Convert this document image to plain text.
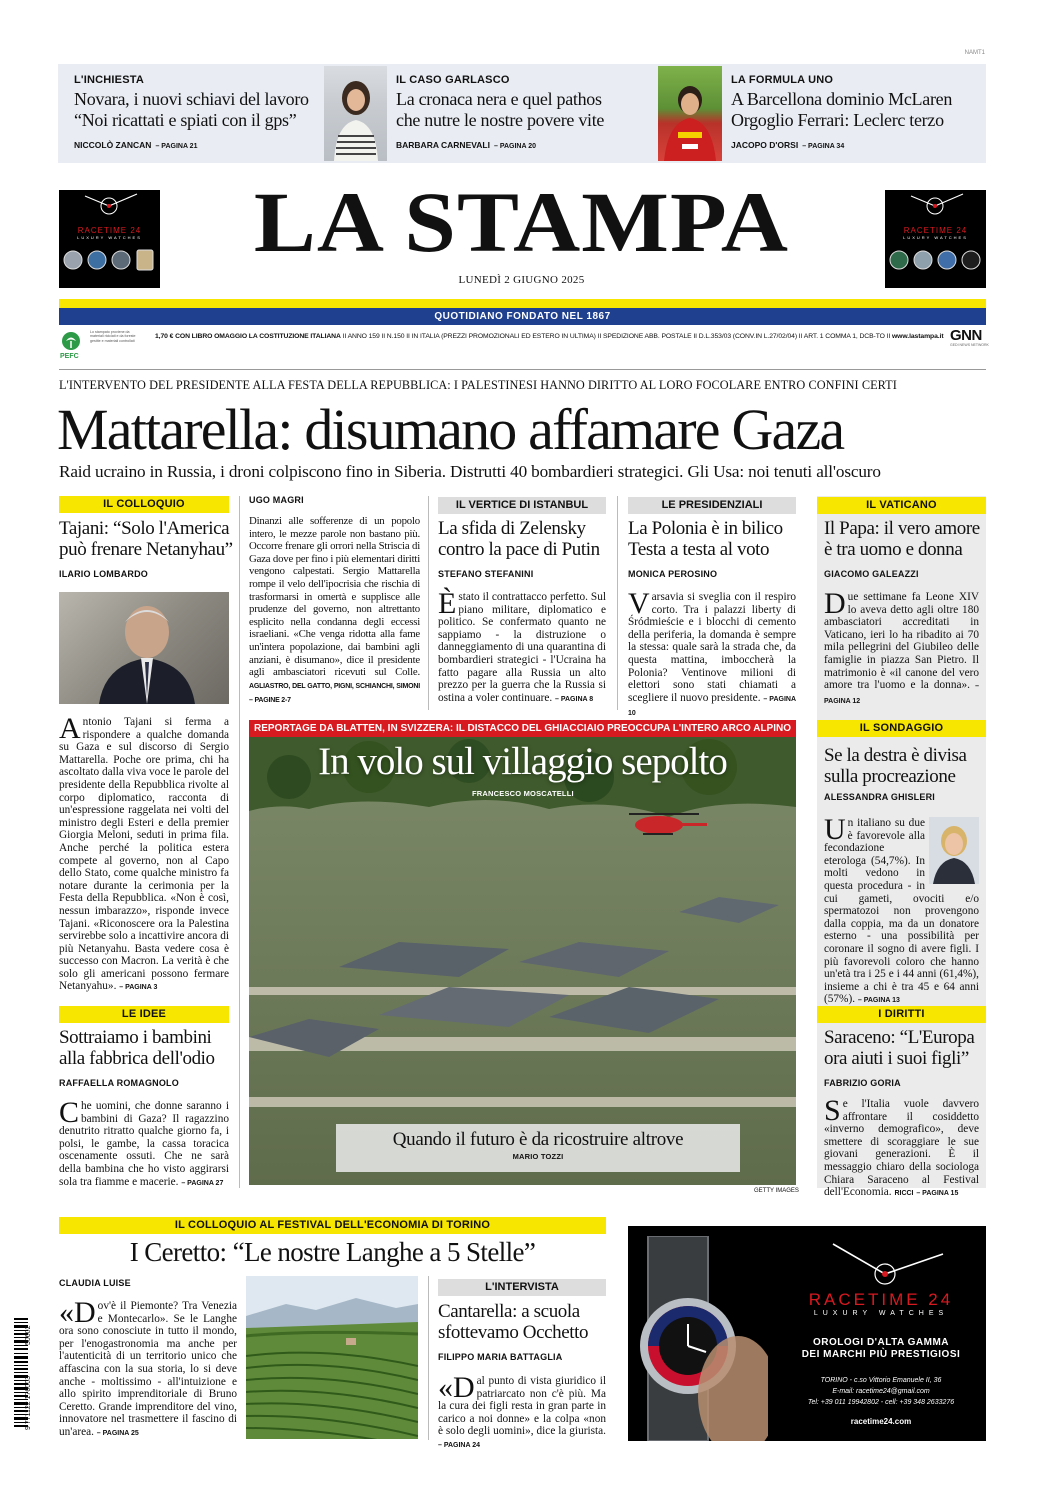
NAMT1
L'INCHIESTA
Novara, i nuovi schiavi del lavoro
“Noi ricattati e spiati con il gps”
NICCOLÒ ZANCAN – PAGINA 21
IL CASO GARLASCO
La cronaca nera e quel pathos
che nutre le nostre povere vite
BARBARA CARNEVALI – PAGINA 20
LA FORMULA UNO
A Barcellona dominio McLaren
Orgoglio Ferrari: Leclerc terzo
JACOPO D'ORSI – PAGINA 34
RACETIME 24
LUXURY WATCHES
RACETIME 24
LUXURY WATCHES
LA STAMPA
LUNEDÌ 2 GIUGNO 2025
QUOTIDIANO FONDATO NEL 1867
PEFC
Lo stampato proviene da materiali riciclati e da foreste gestite e materiali controllati
1,70 € CON LIBRO OMAGGIO LA COSTITUZIONE ITALIANA II ANNO 159 II N.150 II IN ITALIA (PREZZI PROMOZIONALI ED ESTERO IN ULTIMA) II SPEDIZIONE ABB. POSTALE II D.L.353/03 (CONV.IN L.27/02/04) II ART. 1 COMMA 1, DCB-TO II www.lastampa.it GNN
GEDI NEWS NETWORK
L'INTERVENTO DEL PRESIDENTE ALLA FESTA DELLA REPUBBLICA: I PALESTINESI HANNO DIRITTO AL LORO FOCOLARE ENTRO CONFINI CERTI
Mattarella: disumano affamare Gaza
Raid ucraino in Russia, i droni colpiscono fino in Siberia. Distrutti 40 bombardieri strategici. Gli Usa: noi tenuti all'oscuro
IL COLLOQUIO
Tajani: “Solo l'America può frenare Netanyhau”
ILARIO LOMBARDO
Antonio Tajani si ferma a rispondere a qualche domanda su Gaza e sul discorso di Sergio Mattarella. Poche ore prima, chi ha ascoltato dalla viva voce le parole del presidente della Repubblica rivolte al corpo diplomatico, racconta di un'espressione raggelata nei volti del ministro degli Esteri e della premier Giorgia Meloni, seduti in prima fila. Anche perché la politica estera compete al governo, non al Capo dello Stato, come qualche ministro fa notare durante la cerimonia per la Festa della Repubblica. «Non è così, nessun imbarazzo», risponde invece Tajani. «Riconoscere ora la Palestina servirebbe solo a incattivire ancora di più Netanyahu. Basta vedere cosa è successo con Macron. La verità è che solo gli americani possono fermare Netanyahu». – PAGINA 3
LE IDEE
Sottraiamo i bambini alla fabbrica dell'odio
RAFFAELLA ROMAGNOLO
Che uomini, che donne saranno i bambini di Gaza? Il ragazzino denutrito ritratto qualche giorno fa, i polsi, le gambe, la cassa toracica oscenamente ossuti. Che ne sarà della bambina che ho visto aggirarsi sola tra fiamme e macerie. – PAGINA 27
UGO MAGRI
Dinanzi alle sofferenze di un popolo intero, le mezze parole non bastano più. Occorre frenare gli orrori nella Striscia di Gaza dove per fino i più elementari diritti vengono calpestati. Sergio Mattarella rompe il velo dell'ipocrisia che rischia di trasformarsi in omertà e supplisce alle prudenze del governo, non altrettanto esplicito nella condanna degli eccessi israeliani. «Che venga ridotta alla fame un'intera popolazione, dai bambini agli anziani, è disumano», dice il presidente agli ambasciatori ricevuti sul Colle. AGLIASTRO, DEL GATTO, PIGNI, SCHIANCHI, SIMONI – PAGINE 2-7
IL VERTICE DI ISTANBUL
La sfida di Zelensky contro la pace di Putin
STEFANO STEFANINI
Èstato il contrattacco perfetto. Sul piano militare, diplomatico e politico. Se confermato quanto ne sappiamo - la distruzione o danneggiamento di una quarantina di bombardieri strategici - l'Ucraina ha fatto pagare alla Russia un alto prezzo per la guerra che la Russia si ostina a voler continuare. – PAGINA 8
LE PRESIDENZIALI
La Polonia è in bilico Testa a testa al voto
MONICA PEROSINO
Varsavia si sveglia con il respiro corto. Tra i palazzi liberty di Śródmieście e i blocchi di cemento della periferia, la domanda è sempre la stessa: quale sarà la strada che, da questa mattina, imboccherà la Polonia? Ventinove milioni di elettori sono stati chiamati a scegliere il nuovo presidente. – PAGINA 10
IL VATICANO
Il Papa: il vero amore è tra uomo e donna
GIACOMO GALEAZZI
Due settimane fa Leone XIV lo aveva detto agli oltre 180 ambasciatori accreditati in Vaticano, ieri lo ha ribadito ai 70 mila pellegrini del Giubileo delle famiglie in piazza San Pietro. Il matrimonio è «il canone del vero amore tra l'uomo e la donna». – PAGINA 12
IL SONDAGGIO
Se la destra è divisa sulla procreazione
ALESSANDRA GHISLERI
Un italiano su due è favorevole alla fecondazione eterologa (54,7%). In molti vedono in questa procedura - in cui gameti, ovociti e/o spermatozoi non provengono dalla coppia, ma da un donatore esterno - una possibilità per coronare il sogno di avere figli. I più favorevoli coloro che hanno un'età tra i 25 e i 44 anni (61,4%), insieme a chi è tra 45 e 64 anni (57%). – PAGINA 13
I DIRITTI
Saraceno: “L'Europa ora aiuti i suoi figli”
FABRIZIO GORIA
Se l'Italia vuole davvero affrontare il cosiddetto «inverno demografico», deve smettere di scoraggiare le sue giovani generazioni. È il messaggio chiaro della sociologa Chiara Saraceno al Festival dell'Economia. RICCI – PAGINA 15
REPORTAGE DA BLATTEN, IN SVIZZERA: IL DISTACCO DEL GHIACCIAIO PREOCCUPA L'INTERO ARCO ALPINO
In volo sul villaggio sepolto
FRANCESCO MOSCATELLI
Quando il futuro è da ricostruire altrove
MARIO TOZZI
GETTY IMAGES
IL COLLOQUIO AL FESTIVAL DELL'ECONOMIA DI TORINO
I Ceretto: “Le nostre Langhe a 5 Stelle”
CLAUDIA LUISE
«Dov'è il Piemonte? Tra Venezia e Montecarlo». Se le Langhe ora sono conosciute in tutto il mondo, per l'enogastronomia ma anche per l'autenticità di un territorio unico che affascina con la sua storia, lo si deve anche - moltissimo - all'intuizione e allo spirito imprenditoriale di Bruno Ceretto. Grande imprenditore del vino, innovatore nel trasmettere il fascino di un'area. – PAGINA 25
L'INTERVISTA
Cantarella: a scuola sfottevamo Occhetto
FILIPPO MARIA BATTAGLIA
«Dal punto di vista giuridico il patriarcato non c'è più. Ma la cura dei figli resta in gran parte in carico a noi donne» e la colpa «non è solo degli uomini», dice la giurista. – PAGINA 24
RACETIME 24
LUXURY WATCHES
OROLOGI D'ALTA GAMMA
DEI MARCHI PIÙ PRESTIGIOSI
TORINO - c.so Vittorio Emanuele II, 36
E-mail: racetime24@gmail.com
Tel: +39 011 19942802 - cell: +39 348 2633276
racetime24.com
9 771122 176003
50602
